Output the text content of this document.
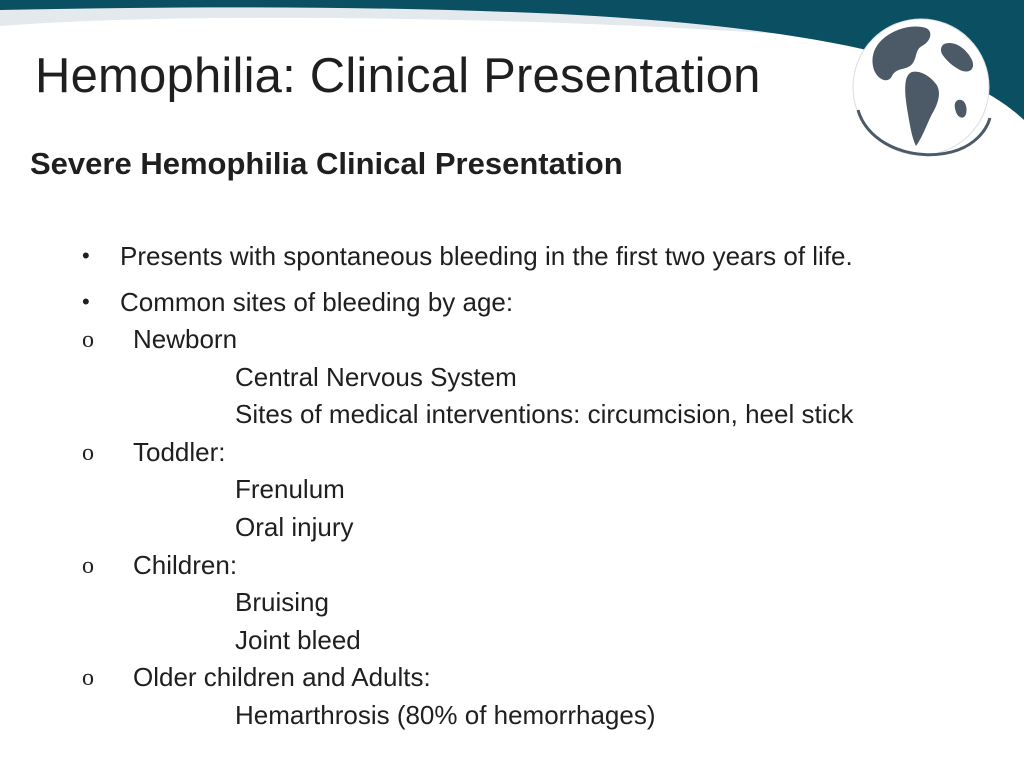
Hemophilia: Clinical Presentation
Severe Hemophilia Clinical Presentation
• Presents with spontaneous bleeding in the first two years of life.
• Common sites of bleeding by age:
o Newborn
Central Nervous System
Sites of medical interventions: circumcision, heel stick
o Toddler:
Frenulum
Oral injury
o Children:
Bruising
Joint bleed
o Older children and Adults:
Hemarthrosis (80% of hemorrhages)
